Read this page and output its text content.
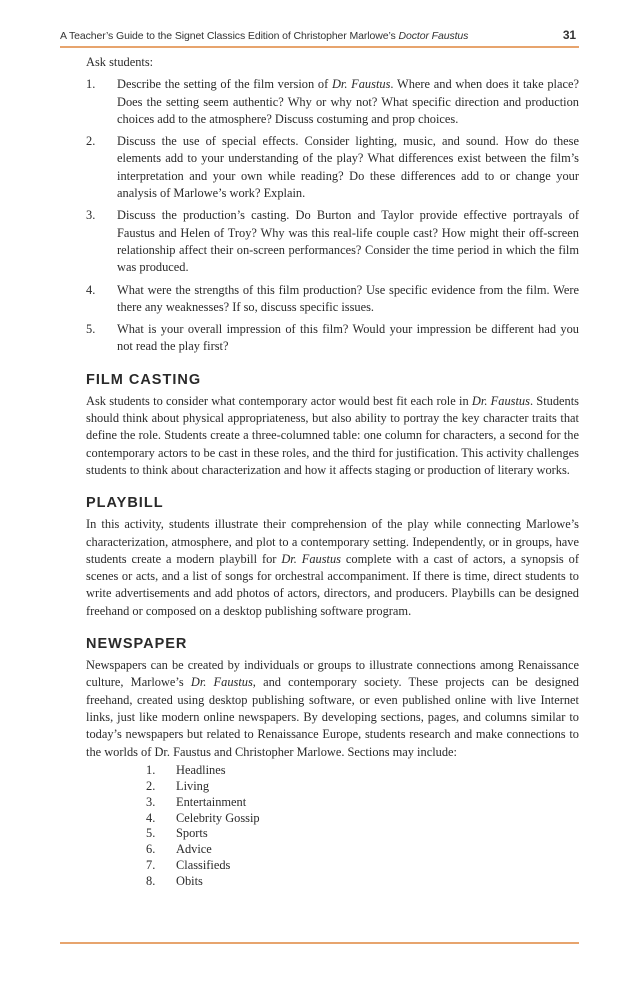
A Teacher’s Guide to the Signet Classics Edition of Christopher Marlowe’s Doctor Faustus	31

Ask students:

1. Describe the setting of the film version of Dr. Faustus. Where and when does it take place? Does the setting seem authentic? Why or why not? What specific direction and production choices add to the atmosphere? Discuss costuming and prop choices.
2. Discuss the use of special effects. Consider lighting, music, and sound. How do these elements add to your understanding of the play? What differences exist between the film’s interpretation and your own while reading? Do these differences add to or change your analysis of Marlowe’s work? Explain.
3. Discuss the production’s casting. Do Burton and Taylor provide effective portrayals of Faustus and Helen of Troy? Why was this real-life couple cast? How might their off-screen relationship affect their on-screen performances? Consider the time period in which the film was produced.
4. What were the strengths of this film production? Use specific evidence from the film. Were there any weaknesses? If so, discuss specific issues.
5. What is your overall impression of this film? Would your impression be different had you not read the play first?
FILM CASTING

Ask students to consider what contemporary actor would best fit each role in Dr. Faustus. Students should think about physical appropriateness, but also ability to portray the key character traits that define the role. Students create a three-columned table: one column for characters, a second for the contemporary actors to be cast in these roles, and the third for justification. This activity challenges students to think about characterization and how it affects staging or production of literary works.

PLAYBILL

In this activity, students illustrate their comprehension of the play while connecting Marlowe’s characterization, atmosphere, and plot to a contemporary setting. Independently, or in groups, have students create a modern playbill for Dr. Faustus complete with a cast of actors, a synopsis of scenes or acts, and a list of songs for orchestral accompaniment. If there is time, direct students to write advertisements and add photos of actors, directors, and producers. Playbills can be designed freehand or composed on a desktop publishing software program.

NEWSPAPER

Newspapers can be created by individuals or groups to illustrate connections among Renaissance culture, Marlowe’s Dr. Faustus, and contemporary society. These projects can be designed freehand, created using desktop publishing software, or even published online with live Internet links, just like modern online newspapers. By developing sections, pages, and columns similar to today’s newspapers but related to Renaissance Europe, students research and make connections to the worlds of Dr. Faustus and Christopher Marlowe. Sections may include:

1. Headlines
2. Living
3. Entertainment
4. Celebrity Gossip
5. Sports
6. Advice
7. Classifieds
8. Obits
